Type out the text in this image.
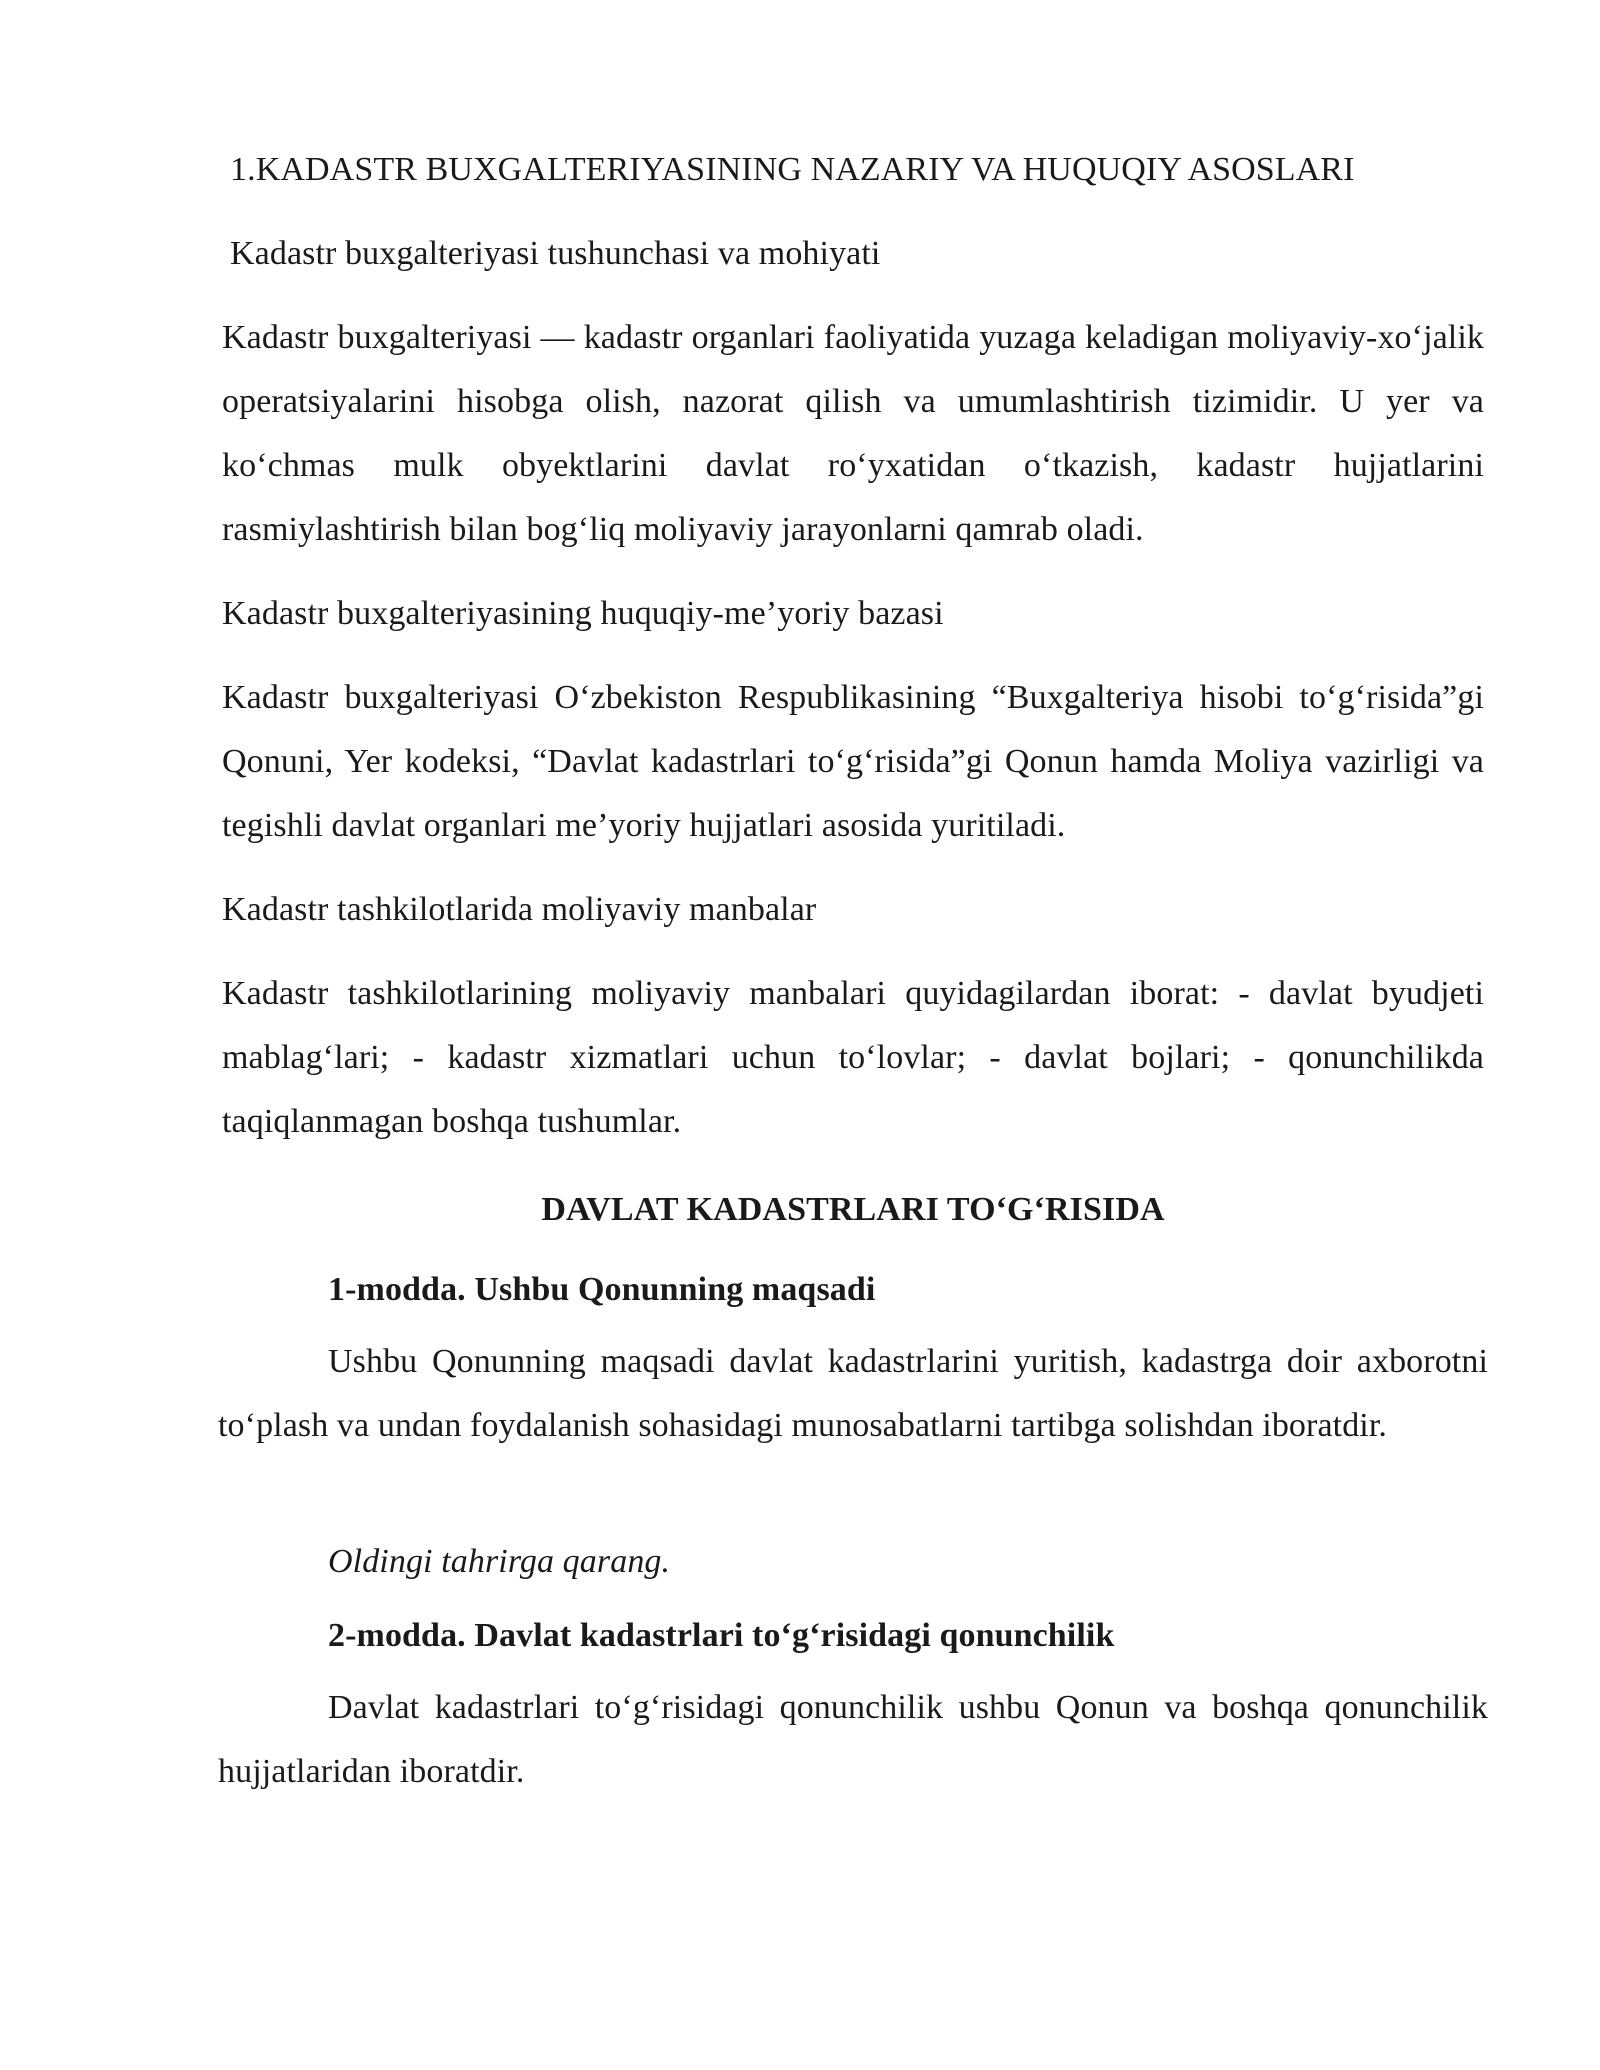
1.KADASTR BUXGALTERIYASINING NAZARIY VA HUQUQIY ASOSLARI

Kadastr buxgalteriyasi tushunchasi va mohiyati

Kadastr buxgalteriyasi — kadastr organlari faoliyatida yuzaga keladigan moliyaviy-xo‘jalik operatsiyalarini hisobga olish, nazorat qilish va umumlashtirish tizimidir. U yer va ko‘chmas mulk obyektlarini davlat ro‘yxatidan o‘tkazish, kadastr hujjatlarini rasmiylashtirish bilan bog‘liq moliyaviy jarayonlarni qamrab oladi.

Kadastr buxgalteriyasining huquqiy-me’yoriy bazasi

Kadastr buxgalteriyasi O‘zbekiston Respublikasining “Buxgalteriya hisobi to‘g‘risida”gi Qonuni, Yer kodeksi, “Davlat kadastrlari to‘g‘risida”gi Qonun hamda Moliya vazirligi va tegishli davlat organlari me’yoriy hujjatlari asosida yuritiladi.

Kadastr tashkilotlarida moliyaviy manbalar

Kadastr tashkilotlarining moliyaviy manbalari quyidagilardan iborat: - davlat byudjeti mablag‘lari; - kadastr xizmatlari uchun to‘lovlar; - davlat bojlari; - qonunchilikda taqiqlanmagan boshqa tushumlar.

DAVLAT KADASTRLARI TO‘G‘RISIDA

1-modda. Ushbu Qonunning maqsadi

Ushbu Qonunning maqsadi davlat kadastrlarini yuritish, kadastrga doir axborotni to‘plash va undan foydalanish sohasidagi munosabatlarni tartibga solishdan iboratdir.

Oldingi tahrirga qarang.

2-modda. Davlat kadastrlari to‘g‘risidagi qonunchilik

Davlat kadastrlari to‘g‘risidagi qonunchilik ushbu Qonun va boshqa qonunchilik hujjatlaridan iboratdir.
